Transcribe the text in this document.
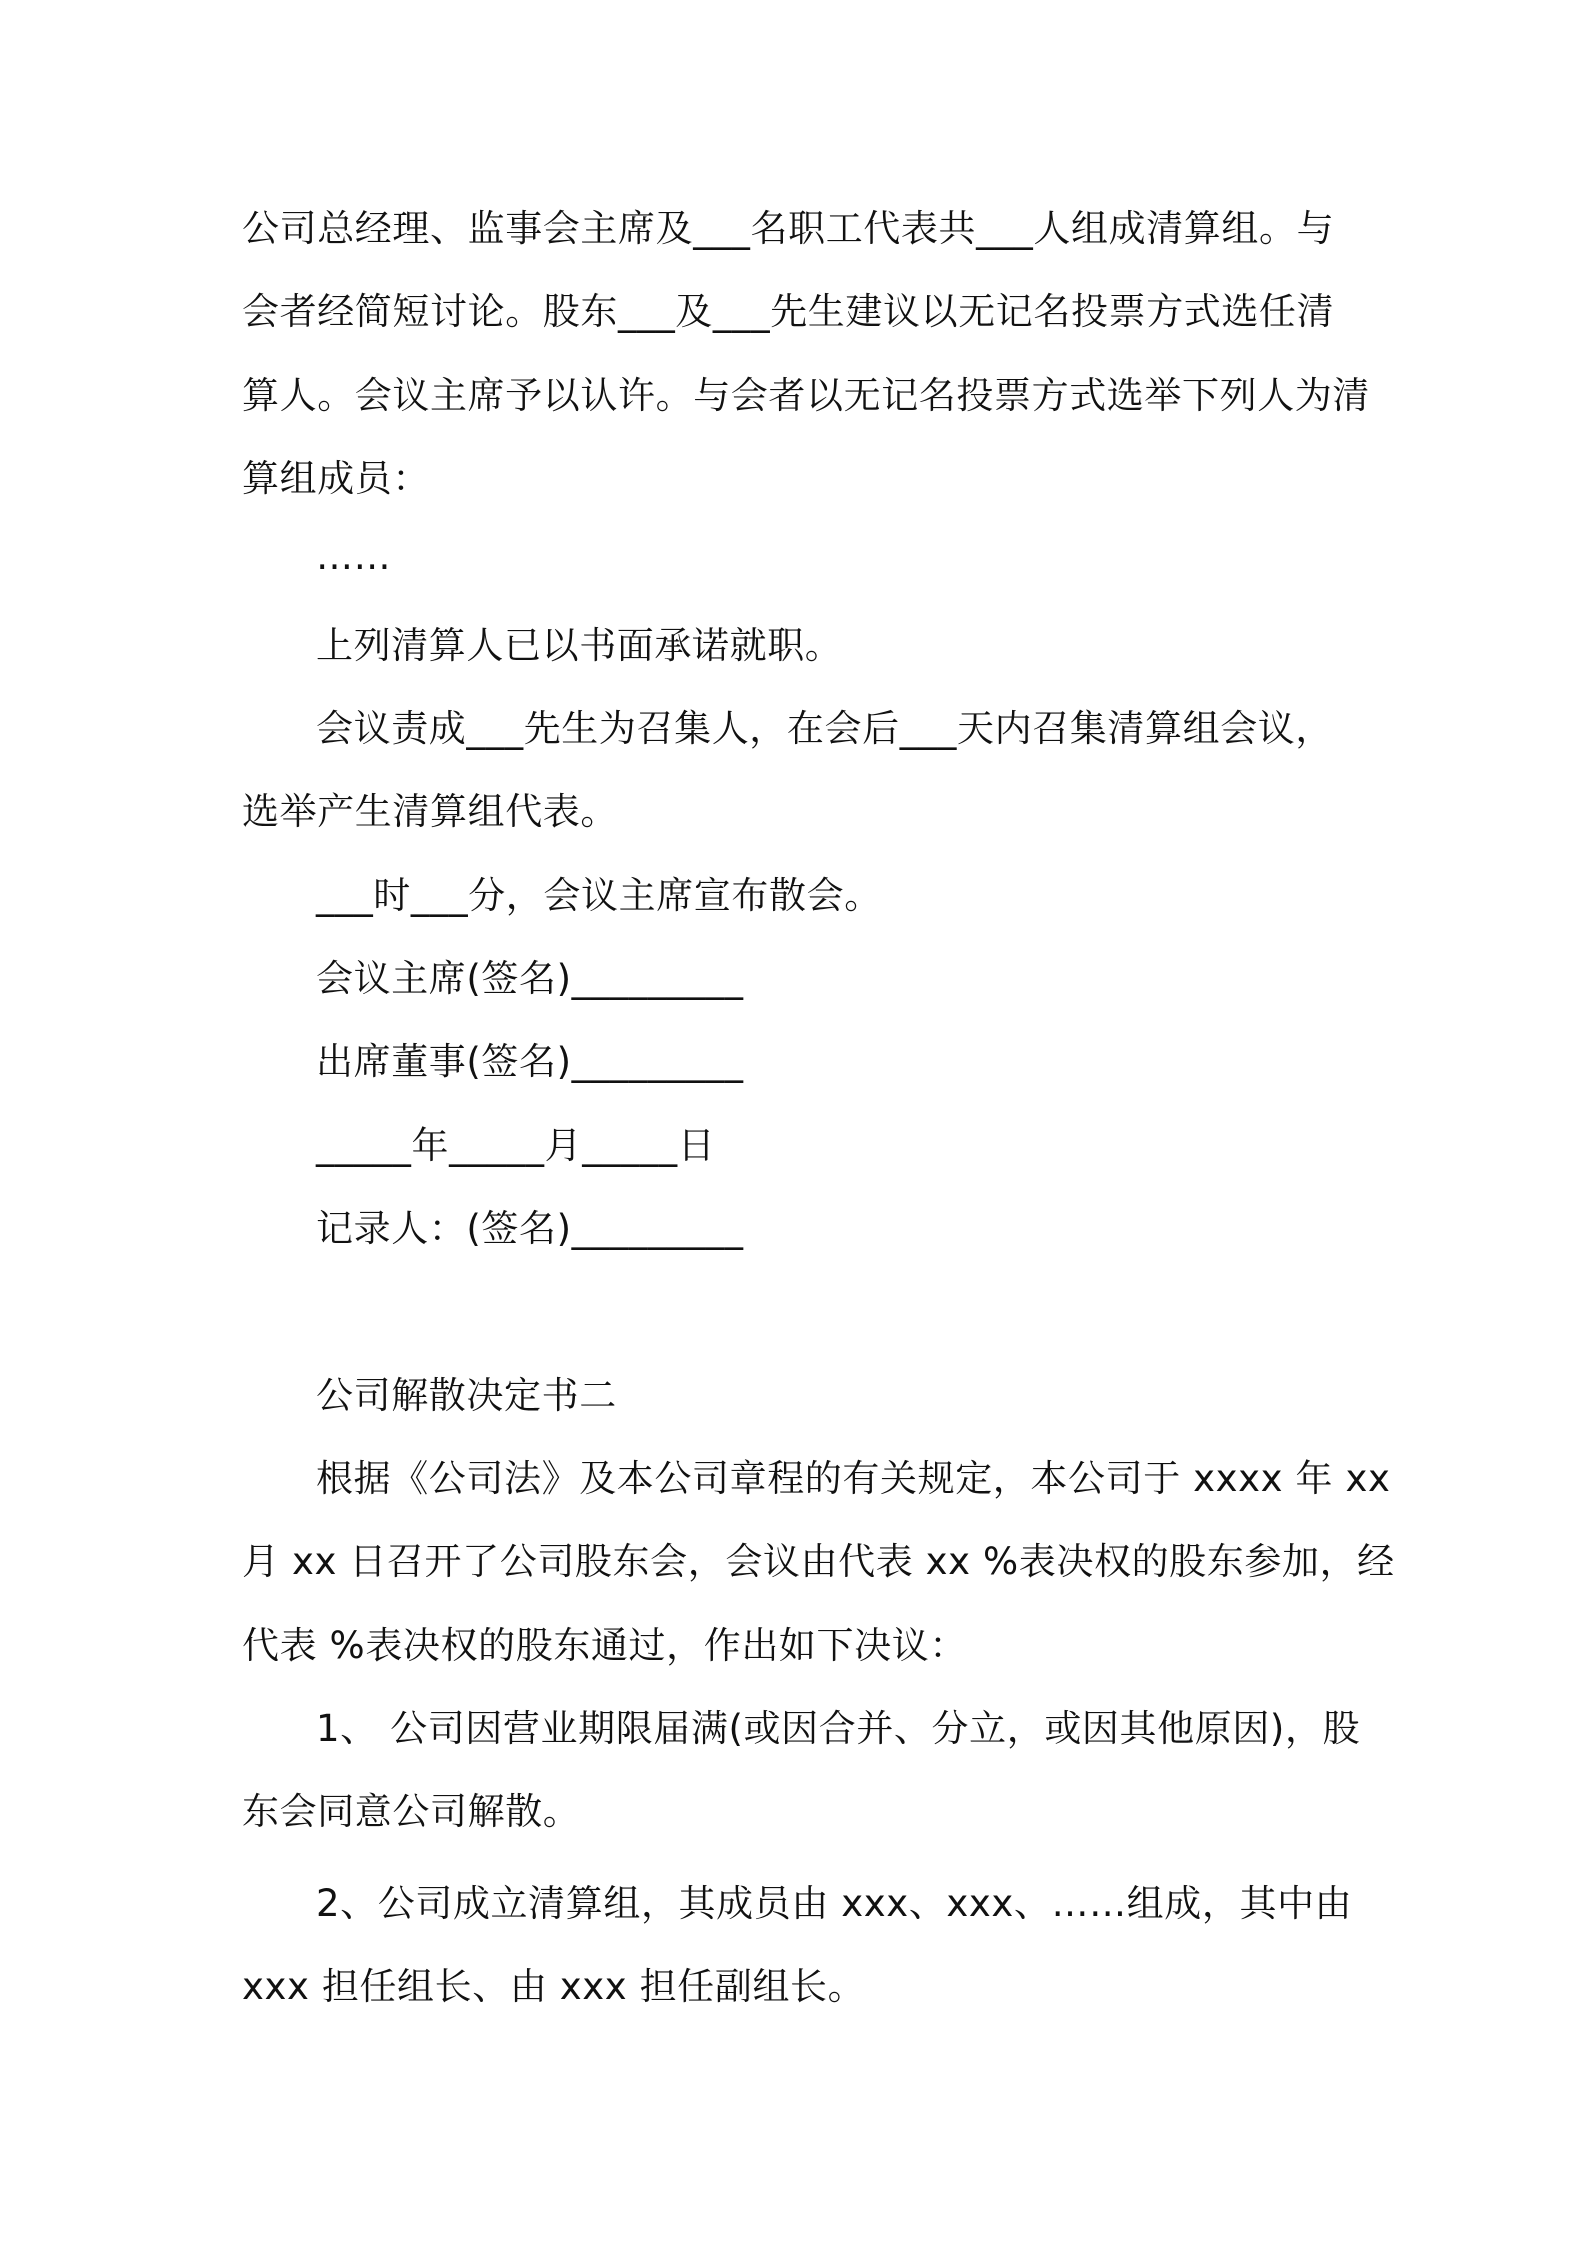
公司总经理、监事会主席及___名职工代表共___人组成清算组。与

会者经简短讨论。股东___及___先生建议以无记名投票方式选任清

算人。会议主席予以认许。与会者以无记名投票方式选举下列人为清

算组成员：

……

上列清算人已以书面承诺就职。

会议责成___先生为召集人，在会后___天内召集清算组会议，

选举产生清算组代表。

___时___分，会议主席宣布散会。

会议主席(签名)_________

出席董事(签名)_________

_____年_____月_____日

记录人：(签名)_________

公司解散决定书二

根据《公司法》及本公司章程的有关规定，本公司于 xxxx 年 xx

月 xx 日召开了公司股东会，会议由代表 xx %表决权的股东参加，经

代表 %表决权的股东通过，作出如下决议：

1、 公司因营业期限届满(或因合并、分立，或因其他原因)，股

东会同意公司解散。

2、公司成立清算组，其成员由 xxx、xxx、……组成，其中由

xxx 担任组长、由 xxx 担任副组长。
